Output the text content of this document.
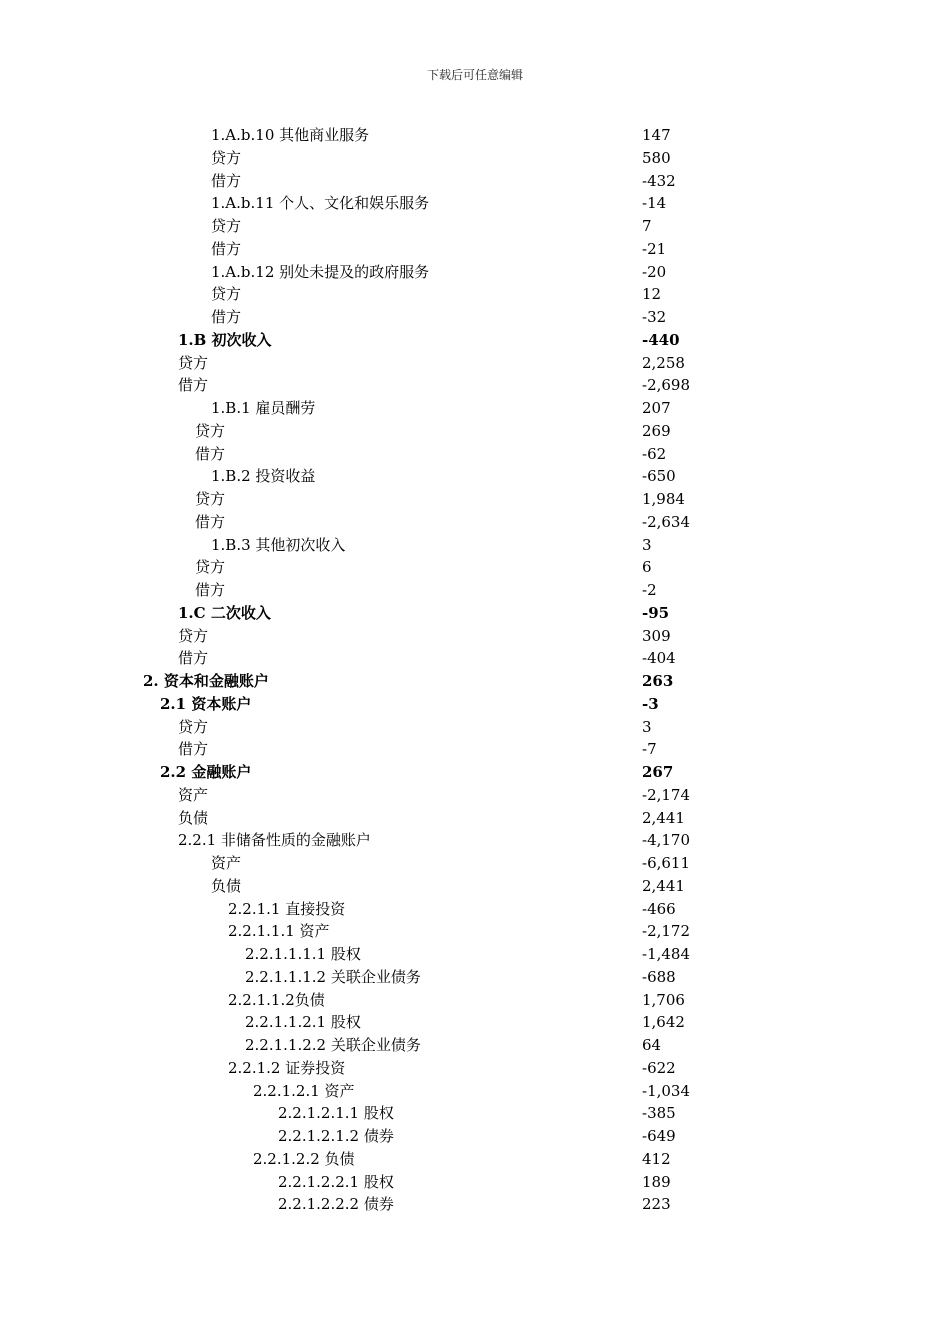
下载后可任意编辑
1.A.b.10 其他商业服务	147
贷方	580
借方	-432
1.A.b.11 个人、文化和娱乐服务	-14
贷方	7
借方	-21
1.A.b.12 别处未提及的政府服务	-20
贷方	12
借方	-32
1.B 初次收入	-440
贷方	2,258
借方	-2,698
1.B.1 雇员酬劳	207
贷方	269
借方	-62
1.B.2 投资收益	-650
贷方	1,984
借方	-2,634
1.B.3 其他初次收入	3
贷方	6
借方	-2
1.C 二次收入	-95
贷方	309
借方	-404
2. 资本和金融账户	263
2.1 资本账户	-3
贷方	3
借方	-7
2.2 金融账户	267
资产	-2,174
负债	2,441
2.2.1 非储备性质的金融账户	-4,170
资产	-6,611
负债	2,441
2.2.1.1 直接投资	-466
2.2.1.1.1 资产	-2,172
2.2.1.1.1.1 股权	-1,484
2.2.1.1.1.2 关联企业债务	-688
2.2.1.1.2负债	1,706
2.2.1.1.2.1 股权	1,642
2.2.1.1.2.2 关联企业债务	64
2.2.1.2 证券投资	-622
2.2.1.2.1 资产	-1,034
2.2.1.2.1.1 股权	-385
2.2.1.2.1.2 债券	-649
2.2.1.2.2 负债	412
2.2.1.2.2.1 股权	189
2.2.1.2.2.2 债券	223
